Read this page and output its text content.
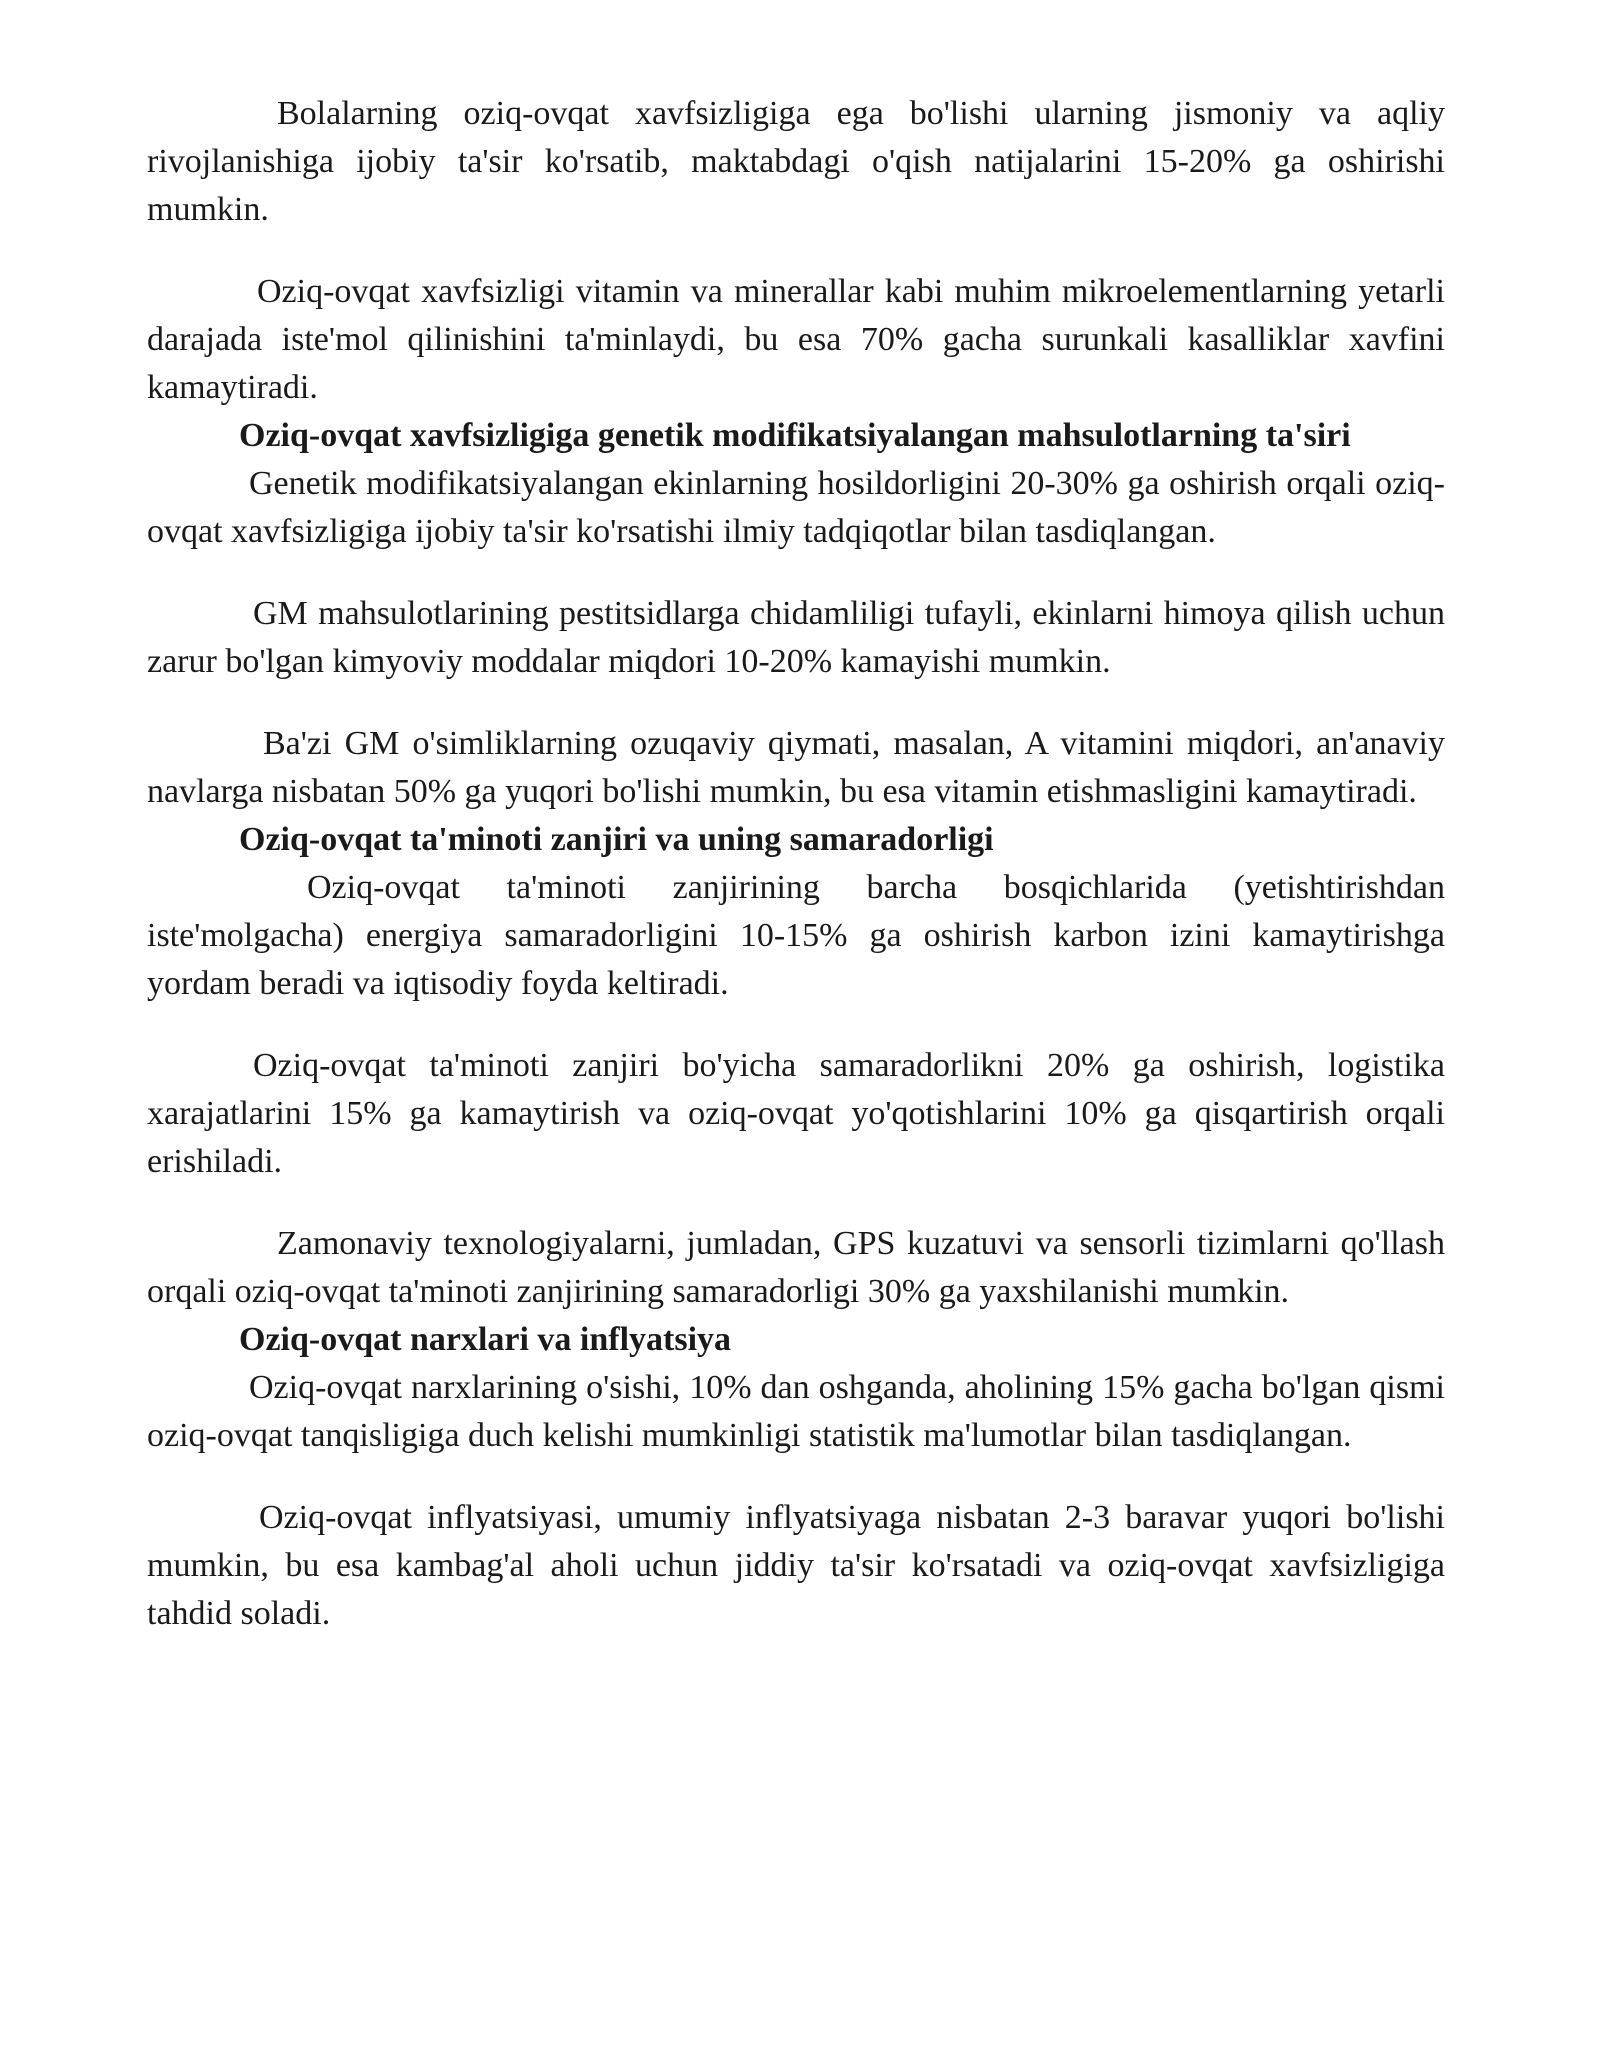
Bolalarning oziq-ovqat xavfsizligiga ega bo'lishi ularning jismoniy va aqliy rivojlanishiga ijobiy ta'sir ko'rsatib, maktabdagi o'qish natijalarini 15-20% ga oshirishi mumkin.

Oziq-ovqat xavfsizligi vitamin va minerallar kabi muhim mikroelementlarning yetarli darajada iste'mol qilinishini ta'minlaydi, bu esa 70% gacha surunkali kasalliklar xavfini kamaytiradi.

Oziq-ovqat xavfsizligiga genetik modifikatsiyalangan mahsulotlarning ta'siri

Genetik modifikatsiyalangan ekinlarning hosildorligini 20-30% ga oshirish orqali oziq-ovqat xavfsizligiga ijobiy ta'sir ko'rsatishi ilmiy tadqiqotlar bilan tasdiqlangan.

GM mahsulotlarining pestitsidlarga chidamliligi tufayli, ekinlarni himoya qilish uchun zarur bo'lgan kimyoviy moddalar miqdori 10-20% kamayishi mumkin.

Ba'zi GM o'simliklarning ozuqaviy qiymati, masalan, A vitamini miqdori, an'anaviy navlarga nisbatan 50% ga yuqori bo'lishi mumkin, bu esa vitamin etishmasligini kamaytiradi.

Oziq-ovqat ta'minoti zanjiri va uning samaradorligi

Oziq-ovqat ta'minoti zanjirining barcha bosqichlarida (yetishtirishdan iste'molgacha) energiya samaradorligini 10-15% ga oshirish karbon izini kamaytirishga yordam beradi va iqtisodiy foyda keltiradi.

Oziq-ovqat ta'minoti zanjiri bo'yicha samaradorlikni 20% ga oshirish, logistika xarajatlarini 15% ga kamaytirish va oziq-ovqat yo'qotishlarini 10% ga qisqartirish orqali erishiladi.

Zamonaviy texnologiyalarni, jumladan, GPS kuzatuvi va sensorli tizimlarni qo'llash orqali oziq-ovqat ta'minoti zanjirining samaradorligi 30% ga yaxshilanishi mumkin.

Oziq-ovqat narxlari va inflyatsiya

Oziq-ovqat narxlarining o'sishi, 10% dan oshganda, aholining 15% gacha bo'lgan qismi oziq-ovqat tanqisligiga duch kelishi mumkinligi statistik ma'lumotlar bilan tasdiqlangan.

Oziq-ovqat inflyatsiyasi, umumiy inflyatsiyaga nisbatan 2-3 baravar yuqori bo'lishi mumkin, bu esa kambag'al aholi uchun jiddiy ta'sir ko'rsatadi va oziq-ovqat xavfsizligiga tahdid soladi.
